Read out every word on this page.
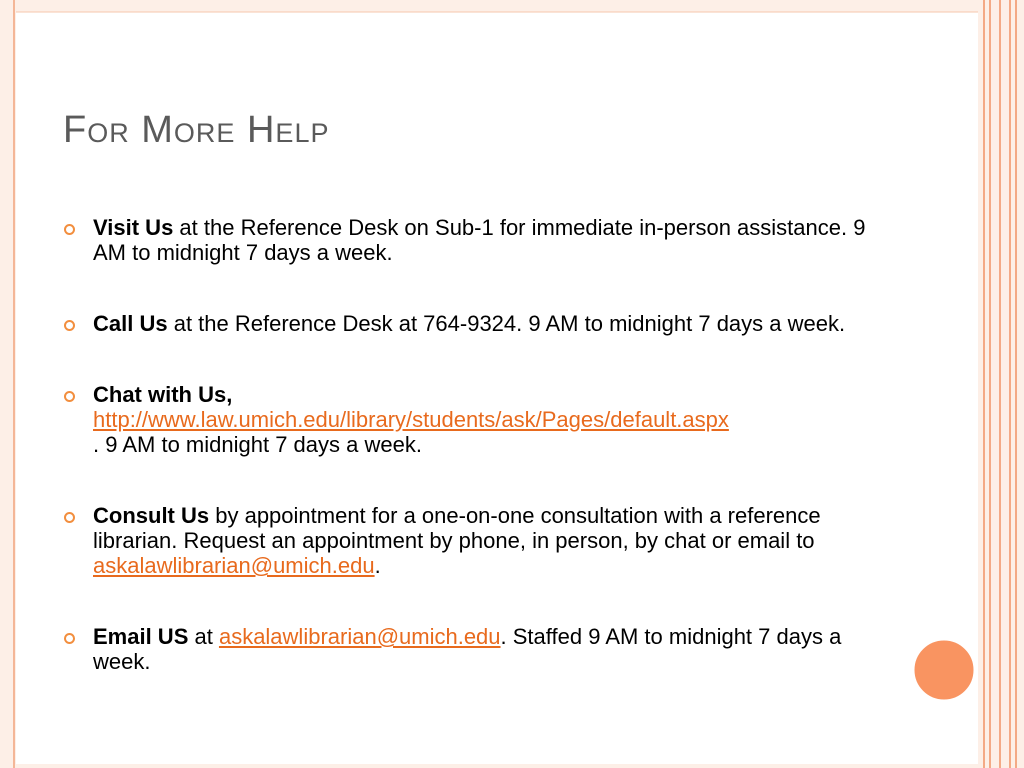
For More Help
Visit Us at the Reference Desk on Sub-1 for immediate in-person assistance. 9 AM to midnight 7 days a week.
Call Us at the Reference Desk at 764-9324. 9 AM to midnight 7 days a week.
Chat with Us,
http://www.law.umich.edu/library/students/ask/Pages/default.aspx
. 9 AM to midnight 7 days a week.
Consult Us by appointment for a one-on-one consultation with a reference librarian. Request an appointment by phone, in person, by chat or email to askalawlibrarian@umich.edu.
Email US at askalawlibrarian@umich.edu. Staffed 9 AM to midnight 7 days a week.
